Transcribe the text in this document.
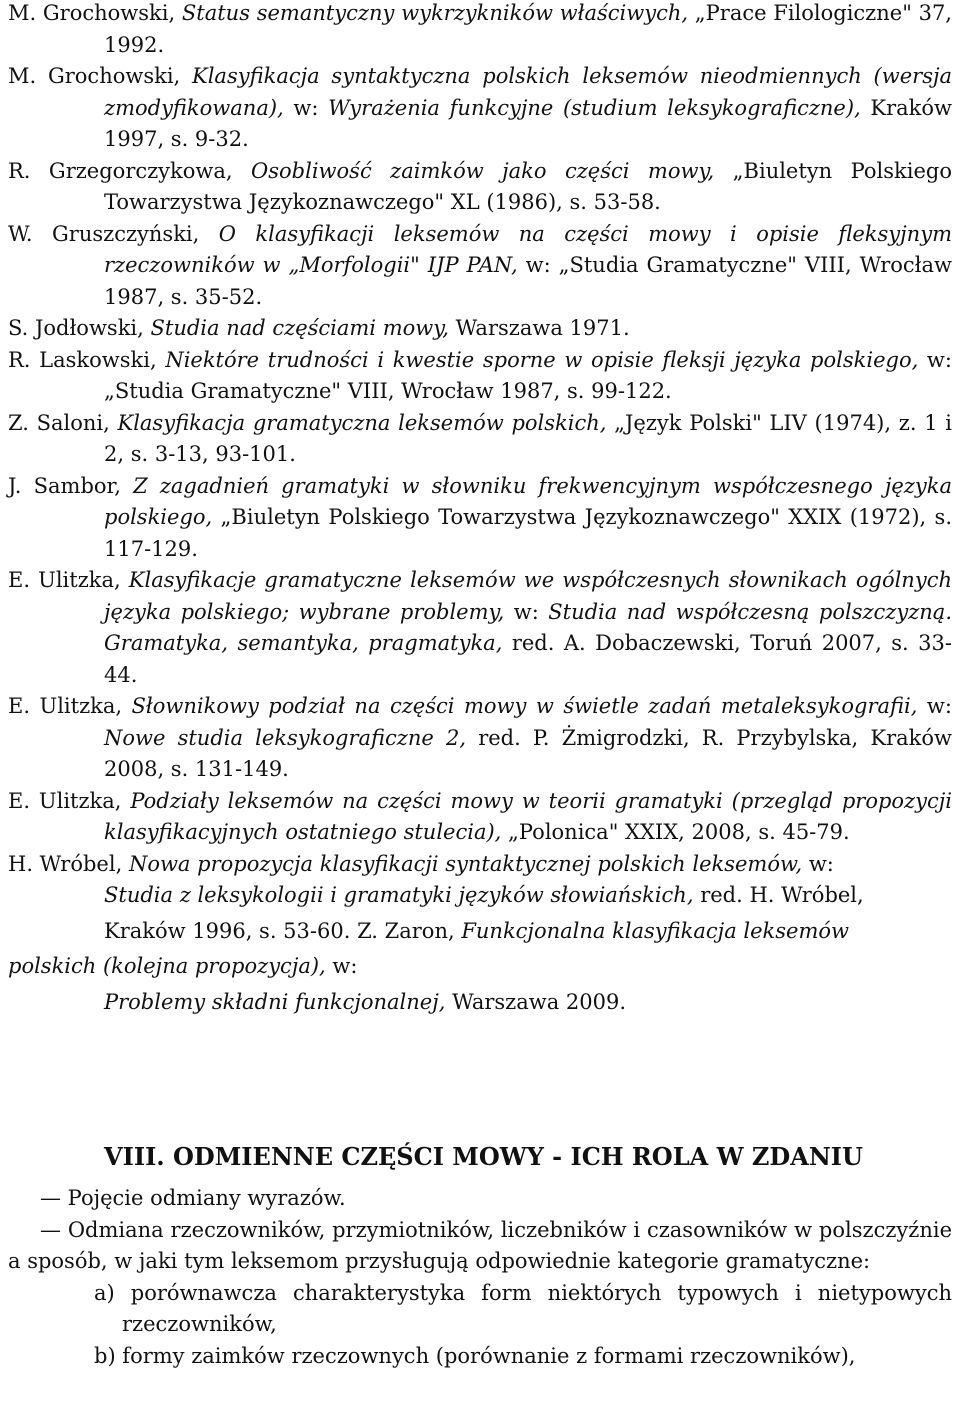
M. Grochowski, Status semantyczny wykrzykników właściwych, „Prace Filologiczne" 37, 1992.

M. Grochowski, Klasyfikacja syntaktyczna polskich leksemów nieodmiennych (wersja zmodyfikowana), w: Wyrażenia funkcyjne (studium leksykograficzne), Kraków 1997, s. 9-32.

R. Grzegorczykowa, Osobliwość zaimków jako części mowy, „Biuletyn Polskiego Towarzystwa Językoznawczego" XL (1986), s. 53-58.

W. Gruszczyński, O klasyfikacji leksemów na części mowy i opisie fleksyjnym rzeczowników w „Morfologii" IJP PAN, w: „Studia Gramatyczne" VIII, Wrocław 1987, s. 35-52.

S. Jodłowski, Studia nad częściami mowy, Warszawa 1971.

R. Laskowski, Niektóre trudności i kwestie sporne w opisie fleksji języka polskiego, w: „Studia Gramatyczne" VIII, Wrocław 1987, s. 99-122.

Z. Saloni, Klasyfikacja gramatyczna leksemów polskich, „Język Polski" LIV (1974), z. 1 i 2, s. 3-13, 93-101.

J. Sambor, Z zagadnień gramatyki w słowniku frekwencyjnym współczesnego języka polskiego, „Biuletyn Polskiego Towarzystwa Językoznawczego" XXIX (1972), s. 117-129.

E. Ulitzka, Klasyfikacje gramatyczne leksemów we współczesnych słownikach ogólnych języka polskiego; wybrane problemy, w: Studia nad współczesną polszczyzną. Gramatyka, semantyka, pragmatyka, red. A. Dobaczewski, Toruń 2007, s. 33-44.

E. Ulitzka, Słownikowy podział na części mowy w świetle zadań metaleksykografii, w: Nowe studia leksykograficzne 2, red. P. Żmigrodzki, R. Przybylska, Kraków 2008, s. 131-149.

E. Ulitzka, Podziały leksemów na części mowy w teorii gramatyki (przegląd propozycji klasyfikacyjnych ostatniego stulecia), „Polonica" XXIX, 2008, s. 45-79.

H. Wróbel, Nowa propozycja klasyfikacji syntaktycznej polskich leksemów, w:

Studia z leksykologii i gramatyki języków słowiańskich, red. H. Wróbel,

Kraków 1996, s. 53-60. Z. Zaron, Funkcjonalna klasyfikacja leksemów

polskich (kolejna propozycja), w:

Problemy składni funkcjonalnej, Warszawa 2009.

VIII. ODMIENNE CZĘŚCI MOWY - ICH ROLA W ZDANIU

— Pojęcie odmiany wyrazów.

— Odmiana rzeczowników, przymiotników, liczebników i czasowników w polszczyźnie a sposób, w jaki tym leksemom przysługują odpowiednie kategorie gramatyczne:

a) porównawcza charakterystyka form niektórych typowych i nietypowych rzeczowników,

b) formy zaimków rzeczownych (porównanie z formami rzeczowników),
